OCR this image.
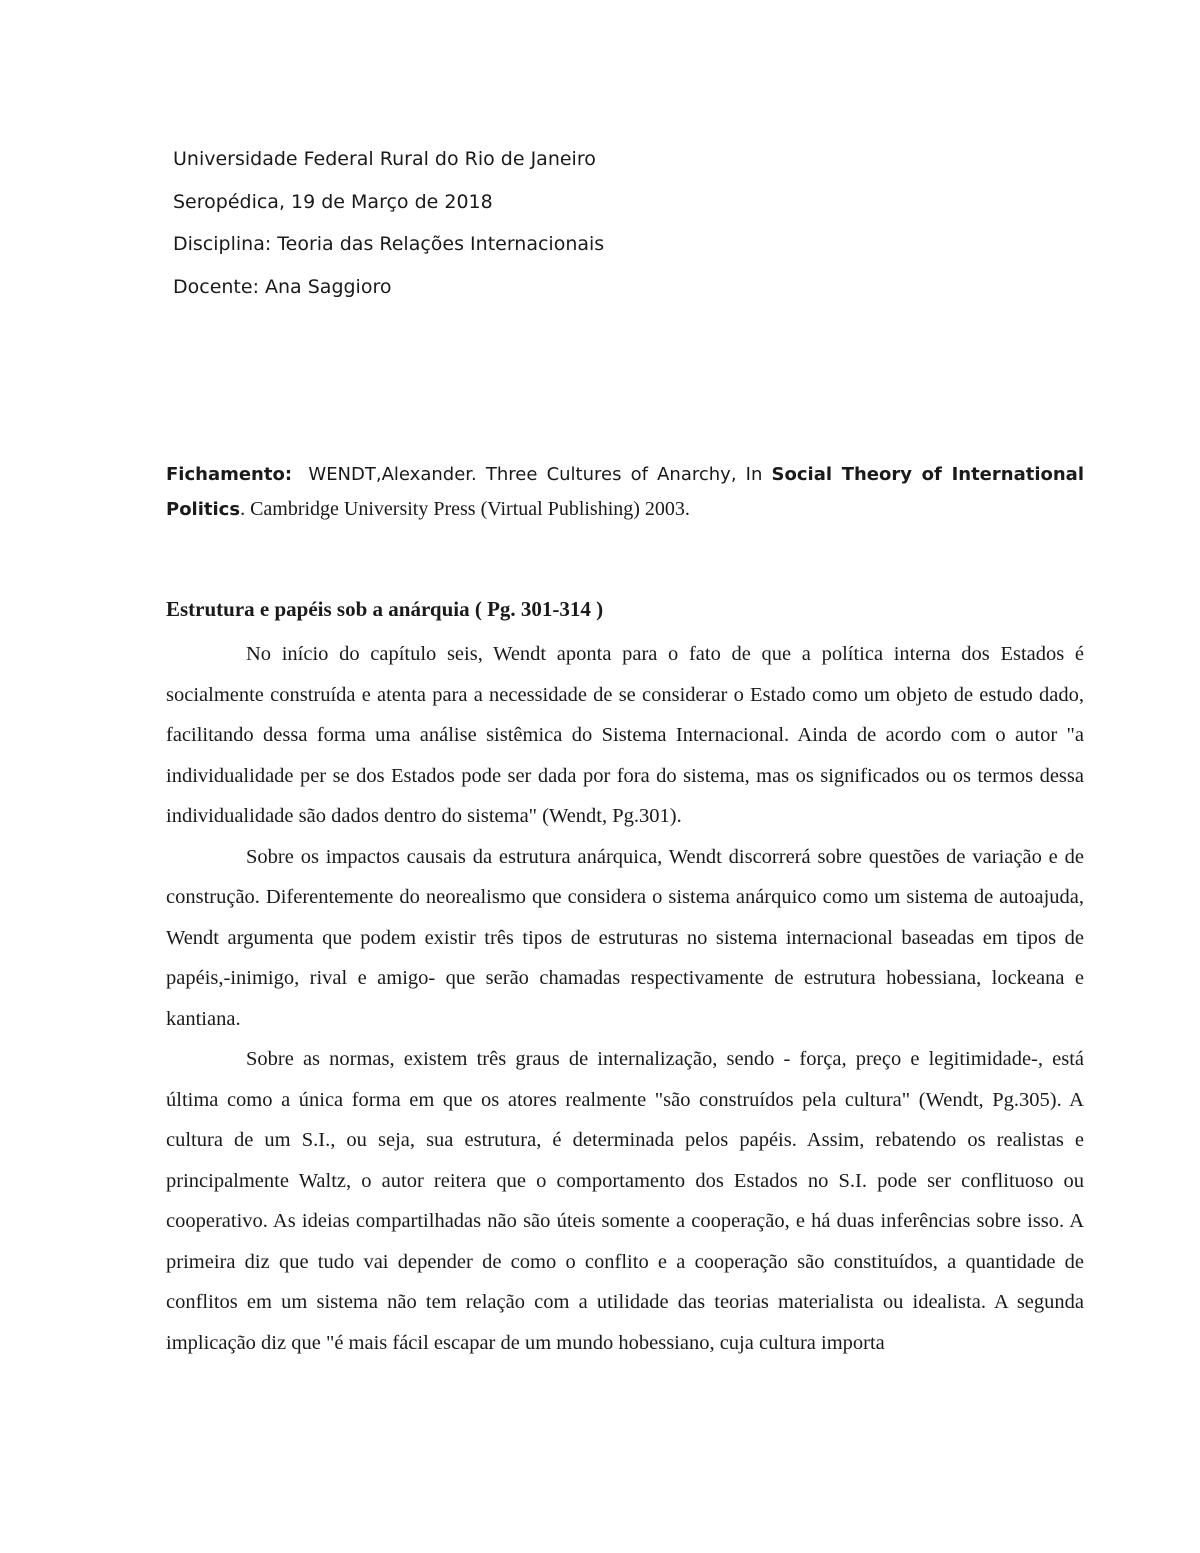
Universidade Federal Rural do Rio de Janeiro
Seropédica, 19 de Março de 2018
Disciplina: Teoria das Relações Internacionais
Docente: Ana Saggioro
Fichamento: WENDT,Alexander. Three Cultures of Anarchy, In Social Theory of International Politics. Cambridge University Press (Virtual Publishing) 2003.
Estrutura e papéis sob a anárquia ( Pg. 301-314 )

No início do capítulo seis, Wendt aponta para o fato de que a política interna dos Estados é socialmente construída e atenta para a necessidade de se considerar o Estado como um objeto de estudo dado, facilitando dessa forma uma análise sistêmica do Sistema Internacional. Ainda de acordo com o autor "a individualidade per se dos Estados pode ser dada por fora do sistema, mas os significados ou os termos dessa individualidade são dados dentro do sistema" (Wendt, Pg.301).

Sobre os impactos causais da estrutura anárquica, Wendt discorrerá sobre questões de variação e de construção. Diferentemente do neorealismo que considera o sistema anárquico como um sistema de autoajuda, Wendt argumenta que podem existir três tipos de estruturas no sistema internacional baseadas em tipos de papéis,-inimigo, rival e amigo- que serão chamadas respectivamente de estrutura hobessiana, lockeana e kantiana.

Sobre as normas, existem três graus de internalização, sendo - força, preço e legitimidade-, está última como a única forma em que os atores realmente "são construídos pela cultura" (Wendt, Pg.305). A cultura de um S.I., ou seja, sua estrutura, é determinada pelos papéis. Assim, rebatendo os realistas e principalmente Waltz, o autor reitera que o comportamento dos Estados no S.I. pode ser conflituoso ou cooperativo. As ideias compartilhadas não são úteis somente a cooperação, e há duas inferências sobre isso. A primeira diz que tudo vai depender de como o conflito e a cooperação são constituídos, a quantidade de conflitos em um sistema não tem relação com a utilidade das teorias materialista ou idealista. A segunda implicação diz que "é mais fácil escapar de um mundo hobessiano, cuja cultura importa
